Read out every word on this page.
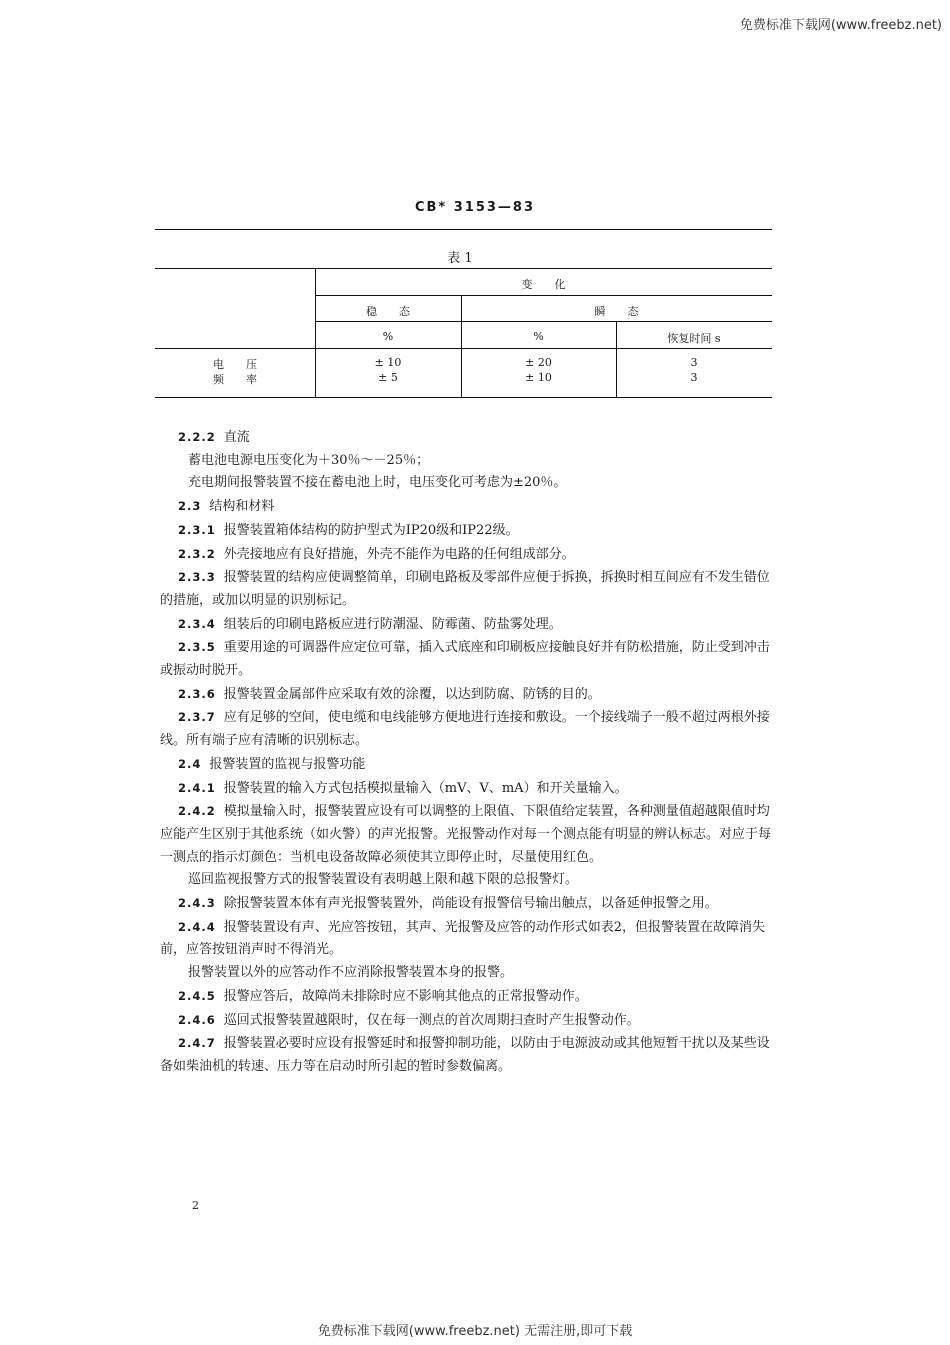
免费标准下载网(www.freebz.net)
CB* 3153—83
表 1
变　　化
稳　　态	瞬　　态
%	%	恢复时间 s
电　　压	± 10	± 20	3
频　　率	± 5	± 10	3

2.2.2 直流

蓄电池电源电压变化为＋30％～－25％；

充电期间报警装置不接在蓄电池上时，电压变化可考虑为±20％。

2.3 结构和材料

2.3.1 报警装置箱体结构的防护型式为IP20级和IP22级。

2.3.2 外壳接地应有良好措施，外壳不能作为电路的任何组成部分。

2.3.3 报警装置的结构应使调整简单，印刷电路板及零部件应便于拆换，拆换时相互间应有不发生错位的措施，或加以明显的识别标记。

2.3.4 组装后的印刷电路板应进行防潮湿、防霉菌、防盐雾处理。

2.3.5 重要用途的可调器件应定位可靠，插入式底座和印刷板应接触良好并有防松措施，防止受到冲击或振动时脱开。

2.3.6 报警装置金属部件应采取有效的涂覆，以达到防腐、防锈的目的。

2.3.7 应有足够的空间，使电缆和电线能够方便地进行连接和敷设。一个接线端子一般不超过两根外接线。所有端子应有清晰的识别标志。

2.4 报警装置的监视与报警功能

2.4.1 报警装置的输入方式包括模拟量输入（mV、V、mA）和开关量输入。

2.4.2 模拟量输入时，报警装置应设有可以调整的上限值、下限值给定装置，各种测量值超越限值时均应能产生区别于其他系统（如火警）的声光报警。光报警动作对每一个测点能有明显的辨认标志。对应于每一测点的指示灯颜色：当机电设备故障必须使其立即停止时，尽量使用红色。

巡回监视报警方式的报警装置设有表明越上限和越下限的总报警灯。

2.4.3 除报警装置本体有声光报警装置外，尚能设有报警信号输出触点，以备延伸报警之用。

2.4.4 报警装置设有声、光应答按钮，其声、光报警及应答的动作形式如表2，但报警装置在故障消失前，应答按钮消声时不得消光。

报警装置以外的应答动作不应消除报警装置本身的报警。

2.4.5 报警应答后，故障尚未排除时应不影响其他点的正常报警动作。

2.4.6 巡回式报警装置越限时，仅在每一测点的首次周期扫查时产生报警动作。

2.4.7 报警装置必要时应设有报警延时和报警抑制功能，以防由于电源波动或其他短暂干扰以及某些设备如柴油机的转速、压力等在启动时所引起的暂时参数偏离。

2
免费标准下载网(www.freebz.net) 无需注册,即可下载
